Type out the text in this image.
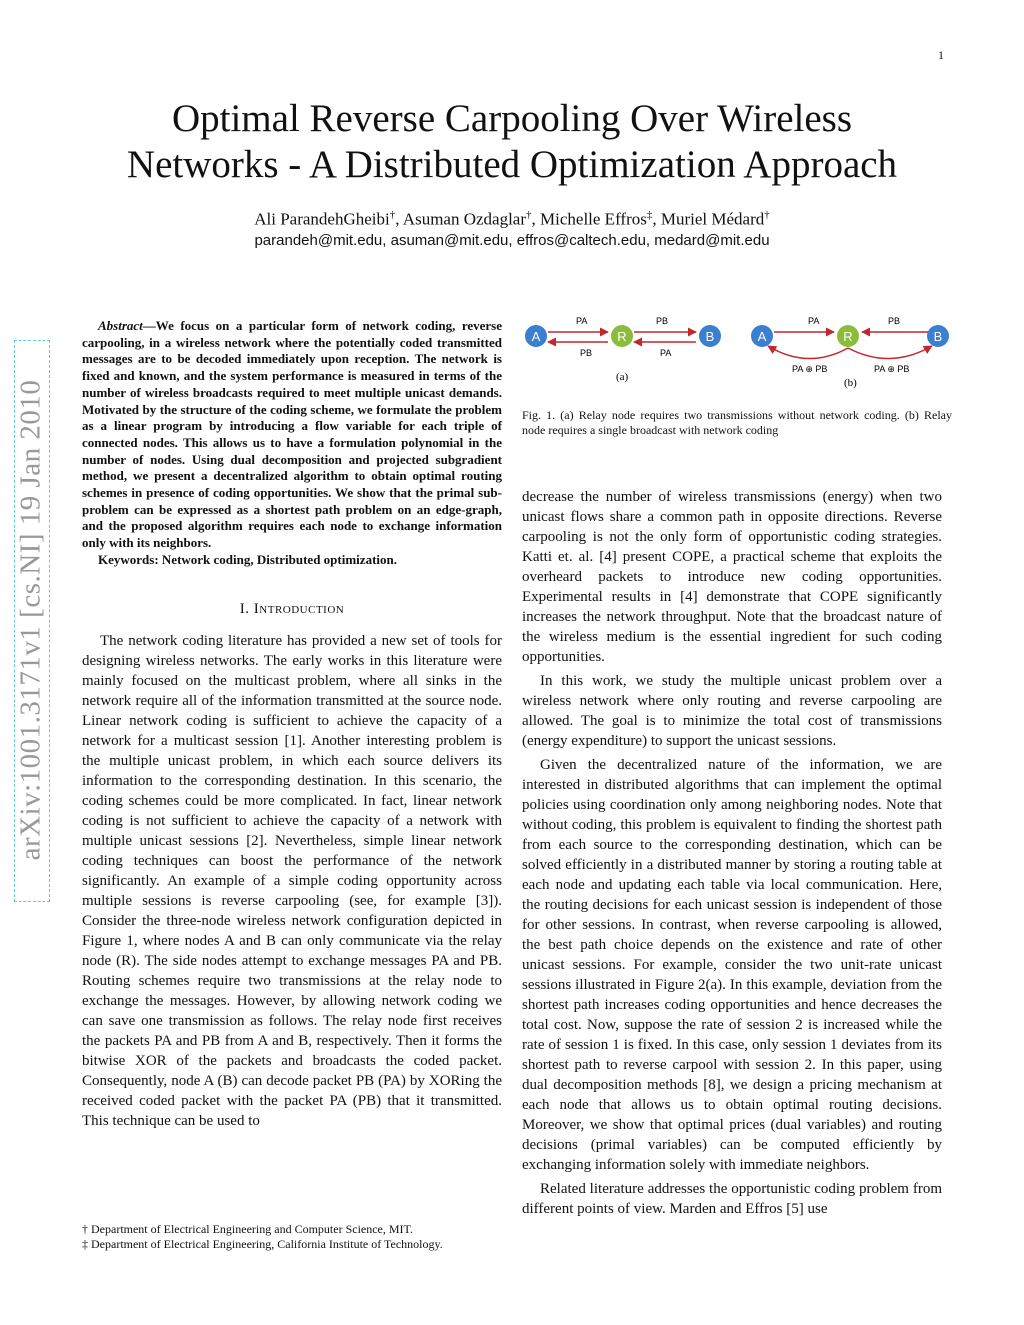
1
Optimal Reverse Carpooling Over Wireless
Networks - A Distributed Optimization Approach
Ali ParandehGheibi†, Asuman Ozdaglar†, Michelle Effros‡, Muriel Médard†
parandeh@mit.edu, asuman@mit.edu, effros@caltech.edu, medard@mit.edu
arXiv:1001.3171v1 [cs.NI] 19 Jan 2010
Abstract—We focus on a particular form of network coding, reverse carpooling, in a wireless network where the potentially coded transmitted messages are to be decoded immediately upon reception. The network is fixed and known, and the system performance is measured in terms of the number of wireless broadcasts required to meet multiple unicast demands. Motivated by the structure of the coding scheme, we formulate the problem as a linear program by introducing a flow variable for each triple of connected nodes. This allows us to have a formulation polynomial in the number of nodes. Using dual decomposition and projected subgradient method, we present a decentralized algorithm to obtain optimal routing schemes in presence of coding opportunities. We show that the primal sub-problem can be expressed as a shortest path problem on an edge-graph, and the proposed algorithm requires each node to exchange information only with its neighbors.
Keywords: Network coding, Distributed optimization.
I. Introduction

The network coding literature has provided a new set of tools for designing wireless networks. The early works in this literature were mainly focused on the multicast problem, where all sinks in the network require all of the information transmitted at the source node. Linear network coding is sufficient to achieve the capacity of a network for a multicast session [1]. Another interesting problem is the multiple unicast problem, in which each source delivers its information to the corresponding destination. In this scenario, the coding schemes could be more complicated. In fact, linear network coding is not sufficient to achieve the capacity of a network with multiple unicast sessions [2]. Nevertheless, simple linear network coding techniques can boost the performance of the network significantly. An example of a simple coding opportunity across multiple sessions is reverse carpooling (see, for example [3]). Consider the three-node wireless network configuration depicted in Figure 1, where nodes A and B can only communicate via the relay node (R). The side nodes attempt to exchange messages PA and PB. Routing schemes require two transmissions at the relay node to exchange the messages. However, by allowing network coding we can save one transmission as follows. The relay node first receives the packets PA and PB from A and B, respectively. Then it forms the bitwise XOR of the packets and broadcasts the coded packet. Consequently, node A (B) can decode packet PB (PA) by XORing the received coded packet with the packet PA (PB) that it transmitted. This technique can be used to

† Department of Electrical Engineering and Computer Science, MIT.
‡ Department of Electrical Engineering, California Institute of Technology.
A	R	B
PA
PB
PB
PA
(a)
A	R	B
PA	PB
PA ⊕ PB	PA ⊕ PB
(b)
Fig. 1. (a) Relay node requires two transmissions without network coding. (b) Relay node requires a single broadcast with network coding

decrease the number of wireless transmissions (energy) when two unicast flows share a common path in opposite directions. Reverse carpooling is not the only form of opportunistic coding strategies. Katti et. al. [4] present COPE, a practical scheme that exploits the overheard packets to introduce new coding opportunities. Experimental results in [4] demonstrate that COPE significantly increases the network throughput. Note that the broadcast nature of the wireless medium is the essential ingredient for such coding opportunities.

In this work, we study the multiple unicast problem over a wireless network where only routing and reverse carpooling are allowed. The goal is to minimize the total cost of transmissions (energy expenditure) to support the unicast sessions.

Given the decentralized nature of the information, we are interested in distributed algorithms that can implement the optimal policies using coordination only among neighboring nodes. Note that without coding, this problem is equivalent to finding the shortest path from each source to the corresponding destination, which can be solved efficiently in a distributed manner by storing a routing table at each node and updating each table via local communication. Here, the routing decisions for each unicast session is independent of those for other sessions. In contrast, when reverse carpooling is allowed, the best path choice depends on the existence and rate of other unicast sessions. For example, consider the two unit-rate unicast sessions illustrated in Figure 2(a). In this example, deviation from the shortest path increases coding opportunities and hence decreases the total cost. Now, suppose the rate of session 2 is increased while the rate of session 1 is fixed. In this case, only session 1 deviates from its shortest path to reverse carpool with session 2. In this paper, using dual decomposition methods [8], we design a pricing mechanism at each node that allows us to obtain optimal routing decisions. Moreover, we show that optimal prices (dual variables) and routing decisions (primal variables) can be computed efficiently by exchanging information solely with immediate neighbors.

Related literature addresses the opportunistic coding problem from different points of view. Marden and Effros [5] use
